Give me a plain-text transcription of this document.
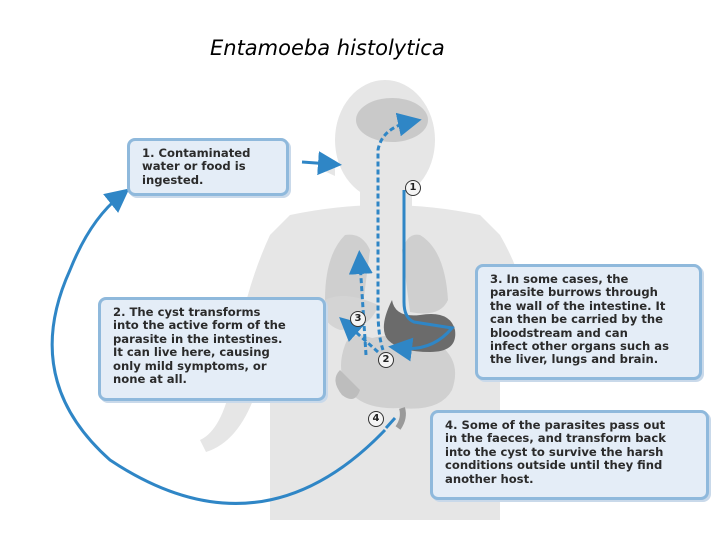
Entamoeba histolytica
1
2
3
4
1. Contaminated
water or food is
ingested.
2. The cyst transforms
into the active form of the
parasite in the intestines.
It can live here, causing
only mild symptoms, or
none at all.
3. In some cases, the
parasite burrows through
the wall of the intestine. It
can then be carried by the
bloodstream and can
infect other organs such as
the liver, lungs and brain.
4. Some of the parasites pass out
in the faeces, and transform back
into the cyst to survive the harsh
conditions outside until they find
another host.
